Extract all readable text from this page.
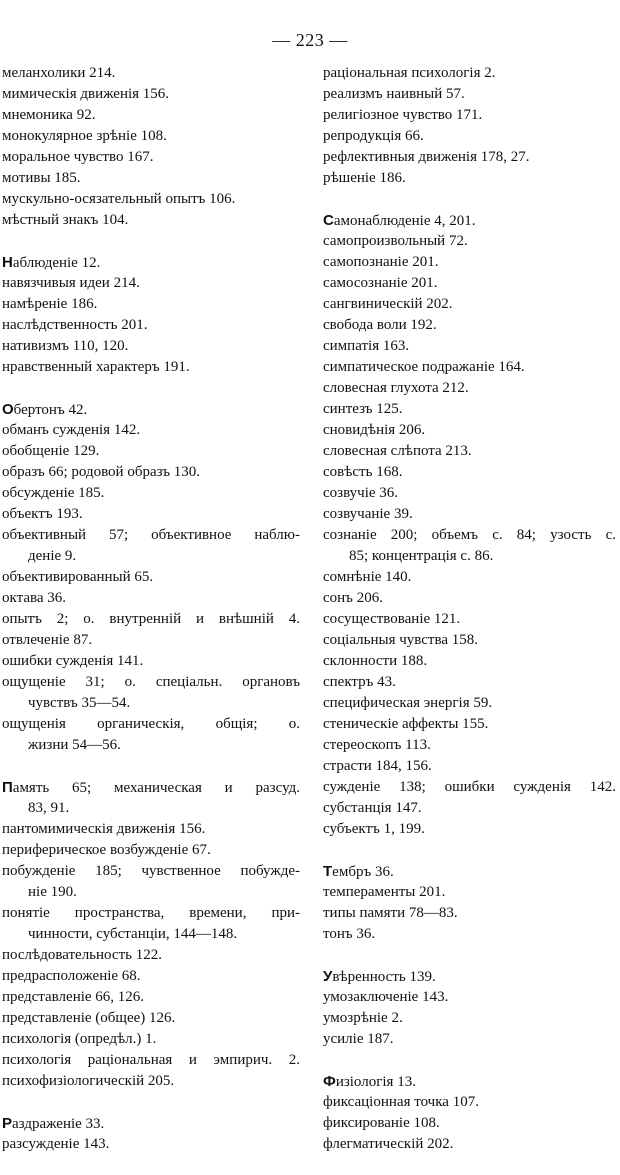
— 223 —
меланхолики 214.
мимическія движенія 156.
мнемоника 92.
монокулярное зрѣніе 108.
моральное чувство 167.
мотивы 185.
мускульно-осязательный опытъ 106.
мѣстный знакъ 104.
Наблюденіе 12.
навязчивыя идеи 214.
намѣреніе 186.
наслѣдственность 201.
нативизмъ 110, 120.
нравственный характеръ 191.
Обертонъ 42.
обманъ сужденія 142.
обобщеніе 129.
образъ 66; родовой образъ 130.
обсужденіе 185.
объектъ 193.
объективный 57; объективное наблю-
деніе 9.
объективированный 65.
октава 36.
опытъ 2; о. внутренній и внѣшній 4.
отвлеченіе 87.
ошибки сужденія 141.
ощущеніе 31; о. спеціальн. органовъ
чувствъ 35—54.
ощущенія органическія, общія; о.
жизни 54—56.
Память 65; механическая и разсуд.
83, 91.
пантомимическія движенія 156.
периферическое возбужденіе 67.
побужденіе 185; чувственное побужде-
ніе 190.
понятіе пространства, времени, при-
чинности, субстанціи, 144—148.
послѣдовательность 122.
предрасположеніе 68.
представленіе 66, 126.
представленіе (общее) 126.
психологія (опредѣл.) 1.
психологія раціональная и эмпирич. 2.
психофизіологическій 205.
Раздраженіе 33.
разсужденіе 143.
раціональная психологія 2.
реализмъ наивный 57.
религіозное чувство 171.
репродукція 66.
рефлективныя движенія 178, 27.
рѣшеніе 186.
Самонаблюденіе 4, 201.
самопроизвольный 72.
самопознаніе 201.
самосознаніе 201.
сангвиническій 202.
свобода воли 192.
симпатія 163.
симпатическое подражаніе 164.
словесная глухота 212.
синтезъ 125.
сновидѣнія 206.
словесная слѣпота 213.
совѣсть 168.
созвучіе 36.
созвучаніе 39.
сознаніе 200; объемъ с. 84; узость с.
85; концентрація с. 86.
сомнѣніе 140.
сонъ 206.
сосуществованіе 121.
соціальныя чувства 158.
склонности 188.
спектръ 43.
специфическая энергія 59.
стеническіе аффекты 155.
стереоскопъ 113.
страсти 184, 156.
сужденіе 138; ошибки сужденія 142.
субстанція 147.
субъектъ 1, 199.
Тембръ 36.
темпераменты 201.
типы памяти 78—83.
тонъ 36.
Увѣренность 139.
умозаключеніе 143.
умозрѣніе 2.
усиліе 187.
Физіологія 13.
фиксаціонная точка 107.
фиксированіе 108.
флегматическій 202.
